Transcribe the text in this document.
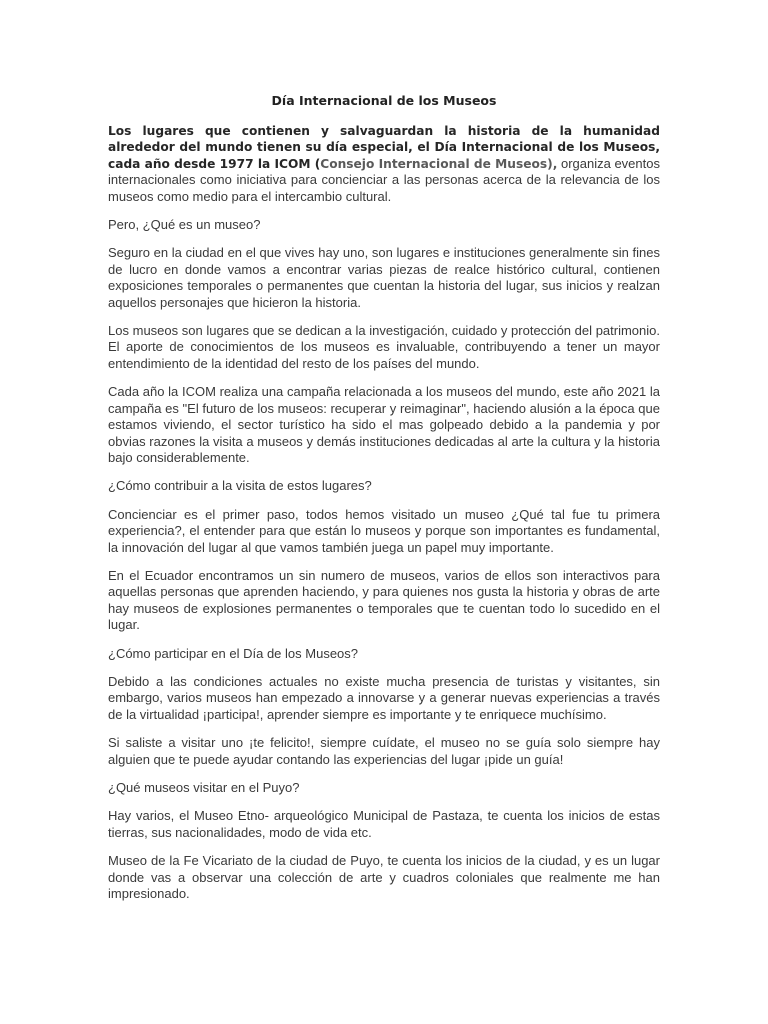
Día Internacional de los Museos

Los lugares que contienen y salvaguardan la historia de la humanidad alrededor del mundo tienen su día especial, el Día Internacional de los Museos, cada año desde 1977 la ICOM (Consejo Internacional de Museos), organiza eventos internacionales como iniciativa para concienciar a las personas acerca de la relevancia de los museos como medio para el intercambio cultural.

Pero, ¿Qué es un museo?

Seguro en la ciudad en el que vives hay uno, son lugares e instituciones generalmente sin fines de lucro en donde vamos a encontrar varias piezas de realce histórico cultural, contienen exposiciones temporales o permanentes que cuentan la historia del lugar, sus inicios y realzan aquellos personajes que hicieron la historia.

Los museos son lugares que se dedican a la investigación, cuidado y protección del patrimonio. El aporte de conocimientos de los museos es invaluable, contribuyendo a tener un mayor entendimiento de la identidad del resto de los países del mundo.

Cada año la ICOM realiza una campaña relacionada a los museos del mundo, este año 2021 la campaña es "El futuro de los museos: recuperar y reimaginar", haciendo alusión a la época que estamos viviendo, el sector turístico ha sido el mas golpeado debido a la pandemia y por obvias razones la visita a museos y demás instituciones dedicadas al arte la cultura y la historia bajo considerablemente.

¿Cómo contribuir a la visita de estos lugares?

Concienciar es el primer paso, todos hemos visitado un museo ¿Qué tal fue tu primera experiencia?, el entender para que están lo museos y porque son importantes es fundamental, la innovación del lugar al que vamos también juega un papel muy importante.

En el Ecuador encontramos un sin numero de museos, varios de ellos son interactivos para aquellas personas que aprenden haciendo, y para quienes nos gusta la historia y obras de arte hay museos de explosiones permanentes o temporales que te cuentan todo lo sucedido en el lugar.

¿Cómo participar en el Día de los Museos?

Debido a las condiciones actuales no existe mucha presencia de turistas y visitantes, sin embargo, varios museos han empezado a innovarse y a generar nuevas experiencias a través de la virtualidad ¡participa!, aprender siempre es importante y te enriquece muchísimo.

Si saliste a visitar uno ¡te felicito!, siempre cuídate, el museo no se guía solo siempre hay alguien que te puede ayudar contando las experiencias del lugar ¡pide un guía!

¿Qué museos visitar en el Puyo?

Hay varios, el Museo Etno- arqueológico Municipal de Pastaza, te cuenta los inicios de estas tierras, sus nacionalidades, modo de vida etc.

Museo de la Fe Vicariato de la ciudad de Puyo, te cuenta los inicios de la ciudad, y es un lugar donde vas a observar una colección de arte y cuadros coloniales que realmente me han impresionado.
